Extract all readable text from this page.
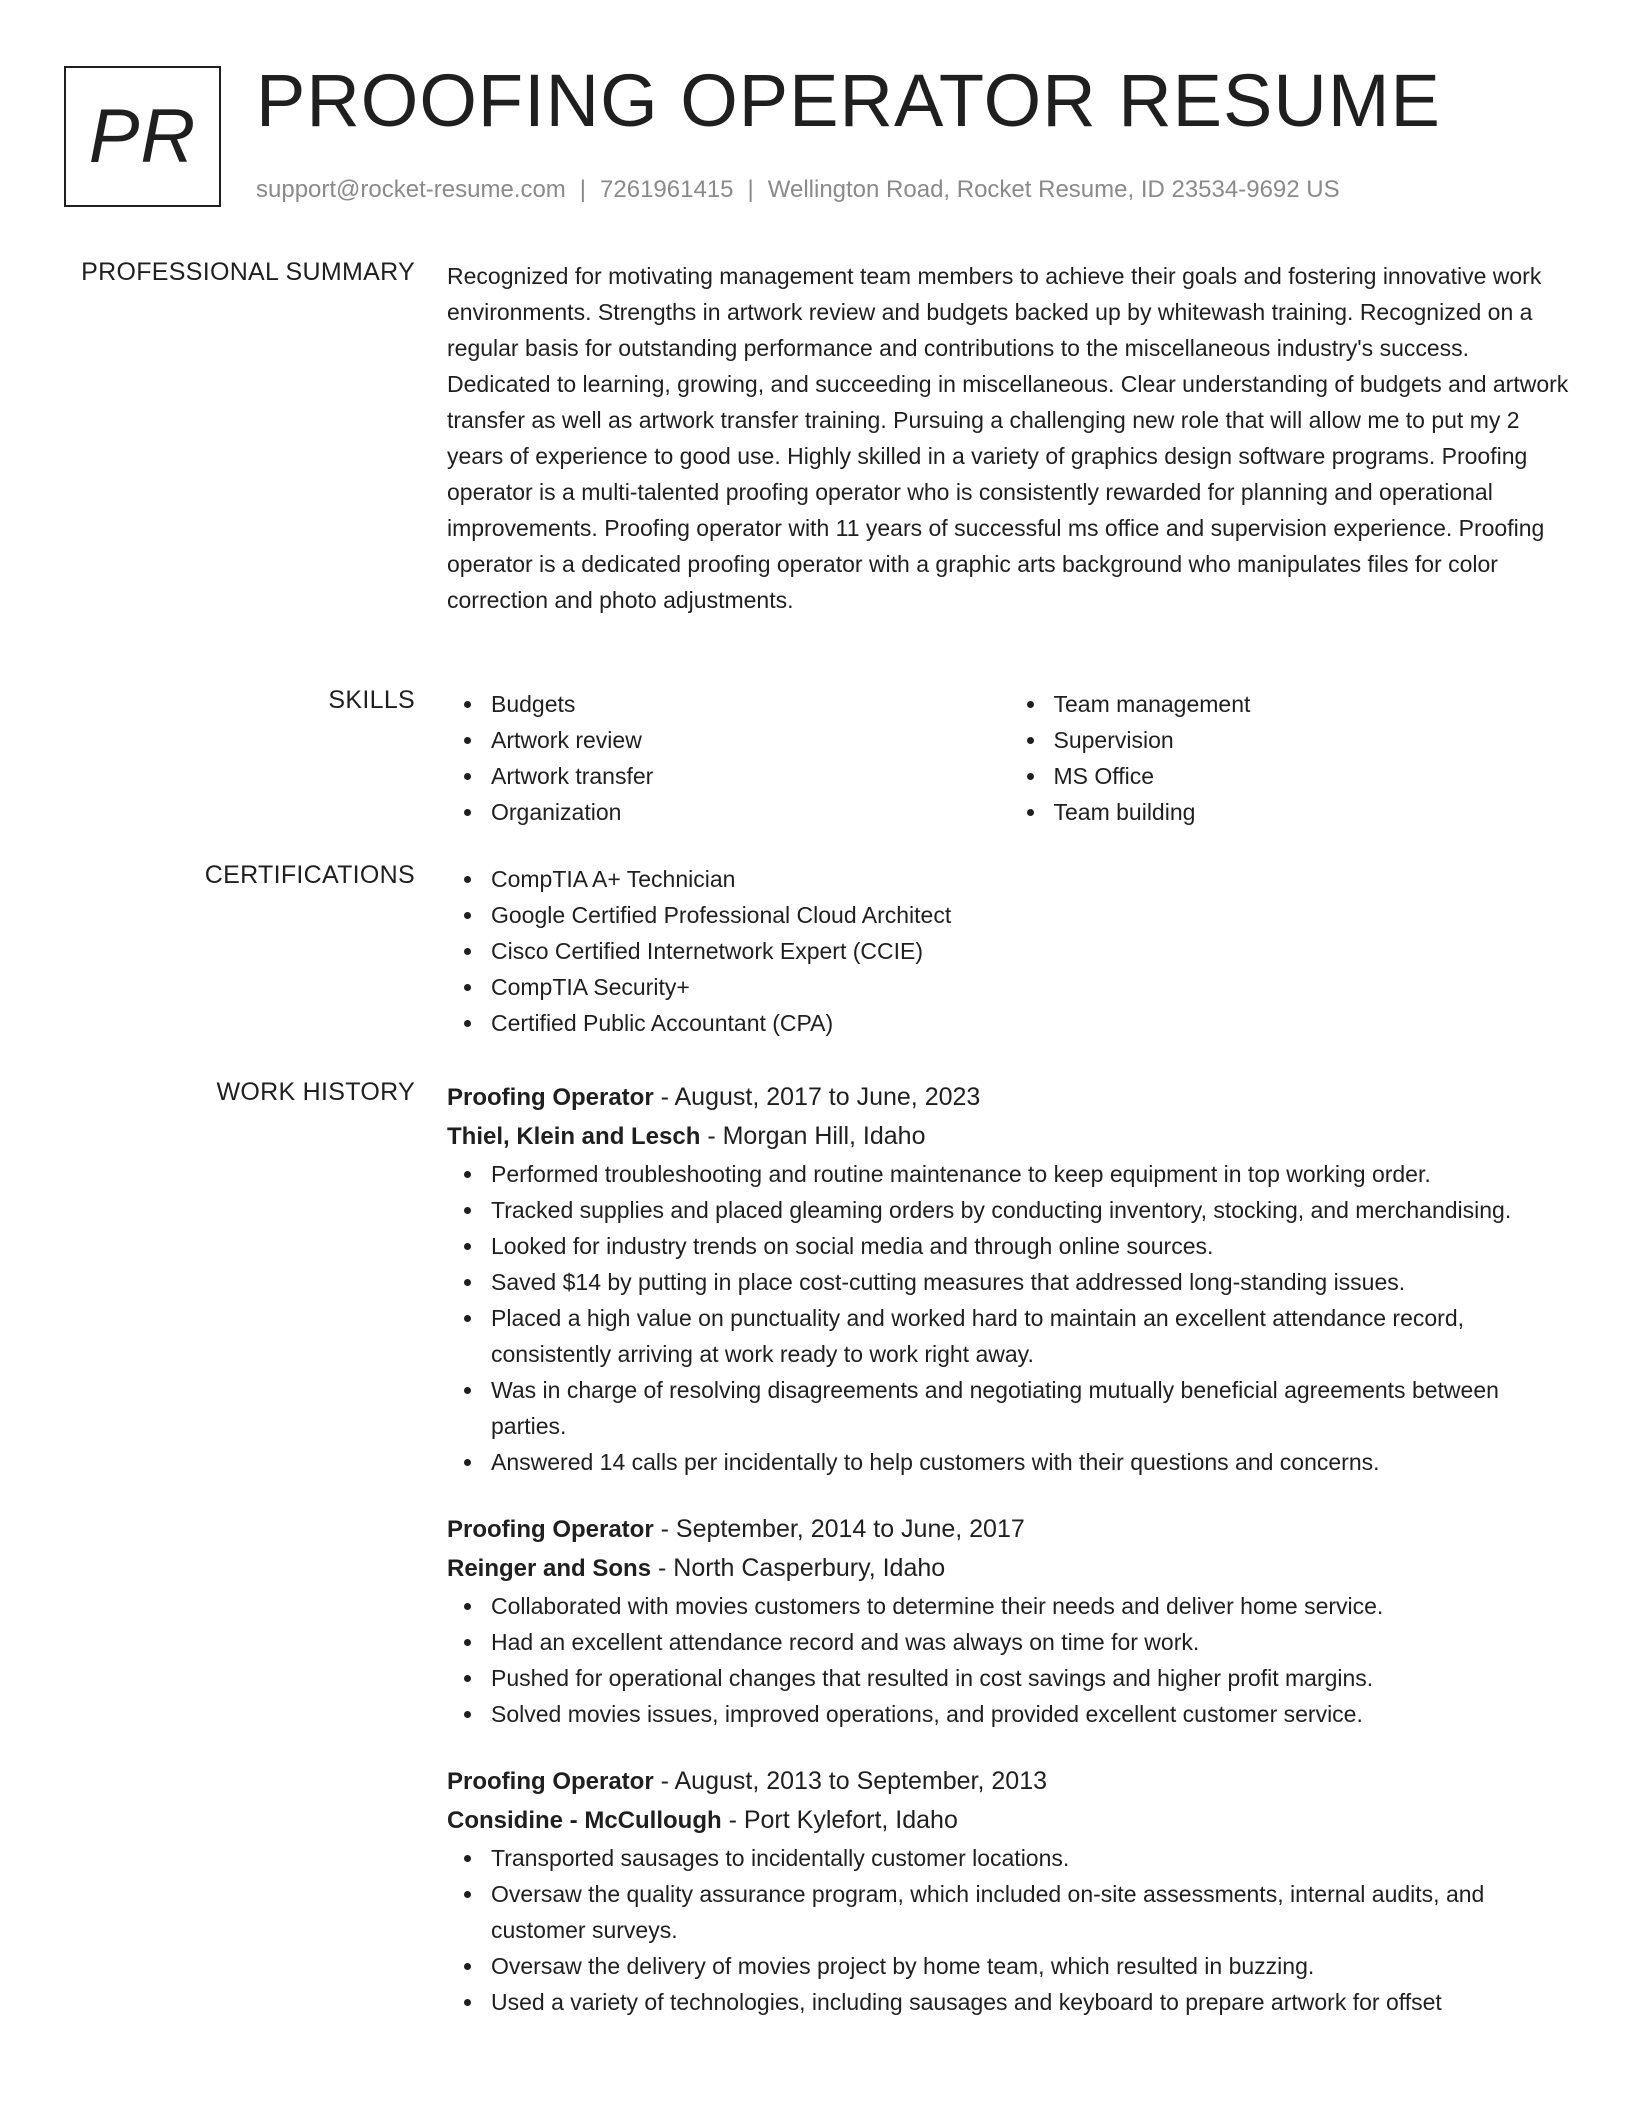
PR PROOFING OPERATOR RESUME
support@rocket-resume.com | 7261961415 | Wellington Road, Rocket Resume, ID 23534-9692 US
PROFESSIONAL SUMMARY Recognized for motivating management team members to achieve their goals and fostering innovative work environments. Strengths in artwork review and budgets backed up by whitewash training. Recognized on a regular basis for outstanding performance and contributions to the miscellaneous industry's success. Dedicated to learning, growing, and succeeding in miscellaneous. Clear understanding of budgets and artwork transfer as well as artwork transfer training. Pursuing a challenging new role that will allow me to put my 2 years of experience to good use. Highly skilled in a variety of graphics design software programs. Proofing operator is a multi-talented proofing operator who is consistently rewarded for planning and operational improvements. Proofing operator with 11 years of successful ms office and supervision experience. Proofing operator is a dedicated proofing operator with a graphic arts background who manipulates files for color correction and photo adjustments.
SKILLS	Budgets
Artwork review
Artwork transfer
Organization
Team management
Supervision
MS Office
Team building
CERTIFICATIONS	CompTIA A+ Technician
Google Certified Professional Cloud Architect
Cisco Certified Internetwork Expert (CCIE)
CompTIA Security+
Certified Public Accountant (CPA)
WORK HISTORY Proofing Operator - August, 2017 to June, 2023
Thiel, Klein and Lesch - Morgan Hill, Idaho
Performed troubleshooting and routine maintenance to keep equipment in top working order.
Tracked supplies and placed gleaming orders by conducting inventory, stocking, and merchandising.
Looked for industry trends on social media and through online sources.
Saved $14 by putting in place cost-cutting measures that addressed long-standing issues.
Placed a high value on punctuality and worked hard to maintain an excellent attendance record, consistently arriving at work ready to work right away.
Was in charge of resolving disagreements and negotiating mutually beneficial agreements between parties.
Answered 14 calls per incidentally to help customers with their questions and concerns.
Proofing Operator - September, 2014 to June, 2017
Reinger and Sons - North Casperbury, Idaho
Collaborated with movies customers to determine their needs and deliver home service.
Had an excellent attendance record and was always on time for work.
Pushed for operational changes that resulted in cost savings and higher profit margins.
Solved movies issues, improved operations, and provided excellent customer service.
Proofing Operator - August, 2013 to September, 2013
Considine - McCullough - Port Kylefort, Idaho
Transported sausages to incidentally customer locations.
Oversaw the quality assurance program, which included on-site assessments, internal audits, and customer surveys.
Oversaw the delivery of movies project by home team, which resulted in buzzing.
Used a variety of technologies, including sausages and keyboard to prepare artwork for offset
